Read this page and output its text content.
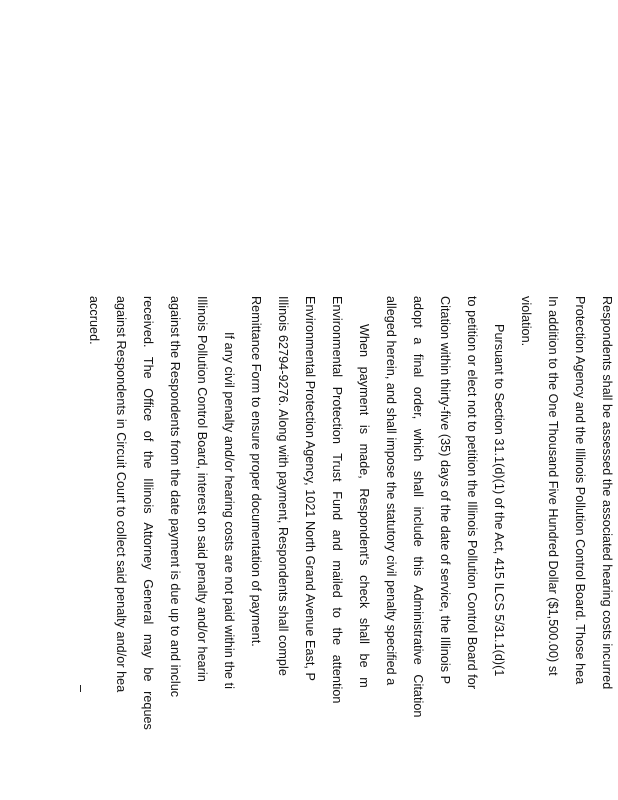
Respondents shall be assessed the associated hearing costs incurred
Protection Agency and the Illinois Pollution Control Board. Those hea
In addition to the One Thousand Five Hundred Dollar ($1,500.00) st
violation.
Pursuant to Section 31.1(d)(1) of the Act, 415 ILCS 5/31.1(d)(1
to petition or elect not to petition the Illinois Pollution Control Board for
Citation within thirty-five (35) days of the date of service, the Illinois P
adopt a final order, which shall include this Administrative Citation
alleged herein, and shall impose the statutory civil penalty specified a
When payment is made, Respondent's check shall be m
Environmental Protection Trust Fund and mailed to the attention
Environmental Protection Agency, 1021 North Grand Avenue East, P
Illinois 62794-9276. Along with payment, Respondents shall comple
Remittance Form to ensure proper documentation of payment.
If any civil penalty and/or hearing costs are not paid within the ti
Illinois Pollution Control Board, interest on said penalty and/or hearin
against the Respondents from the date payment is due up to and incluc
received. The Office of the Illinois Attorney General may be reques
against Respondents in Circuit Court to collect said penalty and/or hea
accrued.
